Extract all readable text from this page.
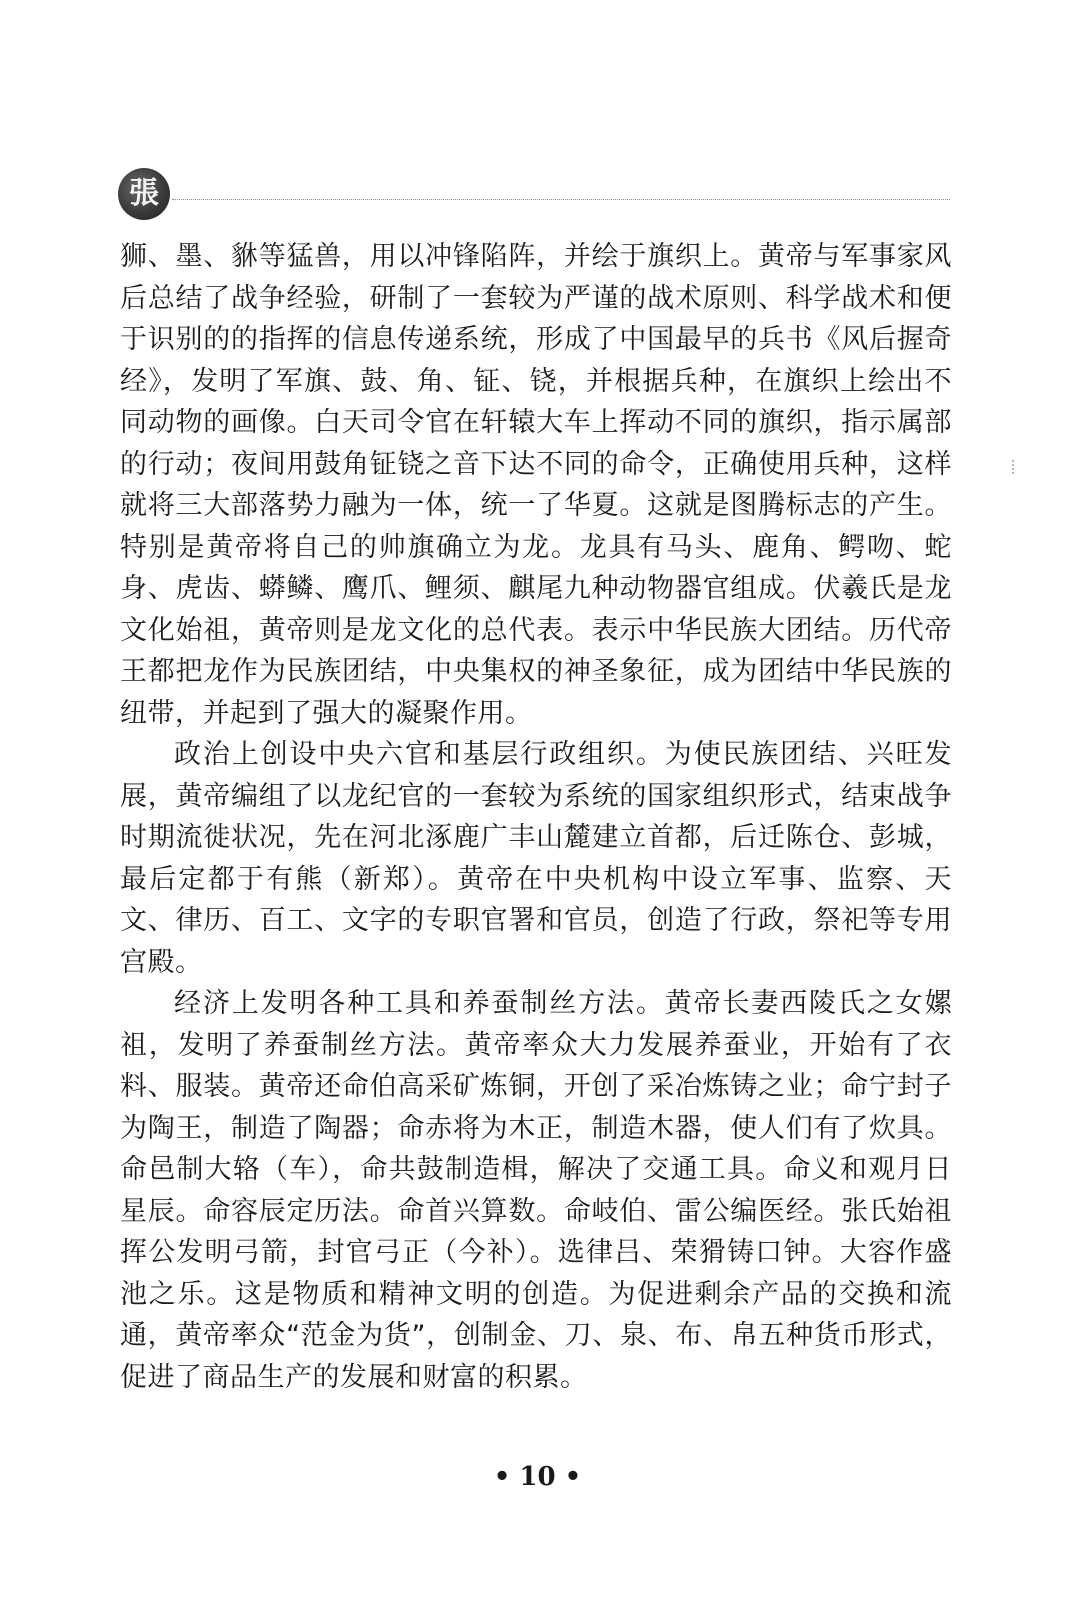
張

狮、墨、貅等猛兽，用以冲锋陷阵，并绘于旗织上。黄帝与军事家风后总结了战争经验，研制了一套较为严谨的战术原则、科学战术和便于识别的的指挥的信息传递系统，形成了中国最早的兵书《风后握奇经》，发明了军旗、鼓、角、钲、铙，并根据兵种，在旗织上绘出不同动物的画像。白天司令官在轩辕大车上挥动不同的旗织，指示属部的行动；夜间用鼓角钲铙之音下达不同的命令，正确使用兵种，这样就将三大部落势力融为一体，统一了华夏。这就是图腾标志的产生。特别是黄帝将自己的帅旗确立为龙。龙具有马头、鹿角、鳄吻、蛇身、虎齿、蟒鳞、鹰爪、鲤须、麒尾九种动物器官组成。伏羲氏是龙文化始祖，黄帝则是龙文化的总代表。表示中华民族大团结。历代帝王都把龙作为民族团结，中央集权的神圣象征，成为团结中华民族的纽带，并起到了强大的凝聚作用。

政治上创设中央六官和基层行政组织。为使民族团结、兴旺发展，黄帝编组了以龙纪官的一套较为系统的国家组织形式，结束战争时期流徙状况，先在河北涿鹿广丰山麓建立首都，后迁陈仓、彭城，最后定都于有熊（新郑）。黄帝在中央机构中设立军事、监察、天文、律历、百工、文字的专职官署和官员，创造了行政，祭祀等专用宫殿。

经济上发明各种工具和养蚕制丝方法。黄帝长妻西陵氏之女嫘祖，发明了养蚕制丝方法。黄帝率众大力发展养蚕业，开始有了衣料、服装。黄帝还命伯高采矿炼铜，开创了采冶炼铸之业；命宁封子为陶王，制造了陶器；命赤将为木正，制造木器，使人们有了炊具。命邑制大辂（车），命共鼓制造楫，解决了交通工具。命义和观月日星辰。命容辰定历法。命首兴算数。命岐伯、雷公编医经。张氏始祖挥公发明弓箭，封官弓正（今补）。选律吕、荣猾铸口钟。大容作盛池之乐。这是物质和精神文明的创造。为促进剩余产品的交换和流通，黄帝率众“范金为货”，创制金、刀、泉、布、帛五种货币形式，促进了商品生产的发展和财富的积累。

• 10 •
